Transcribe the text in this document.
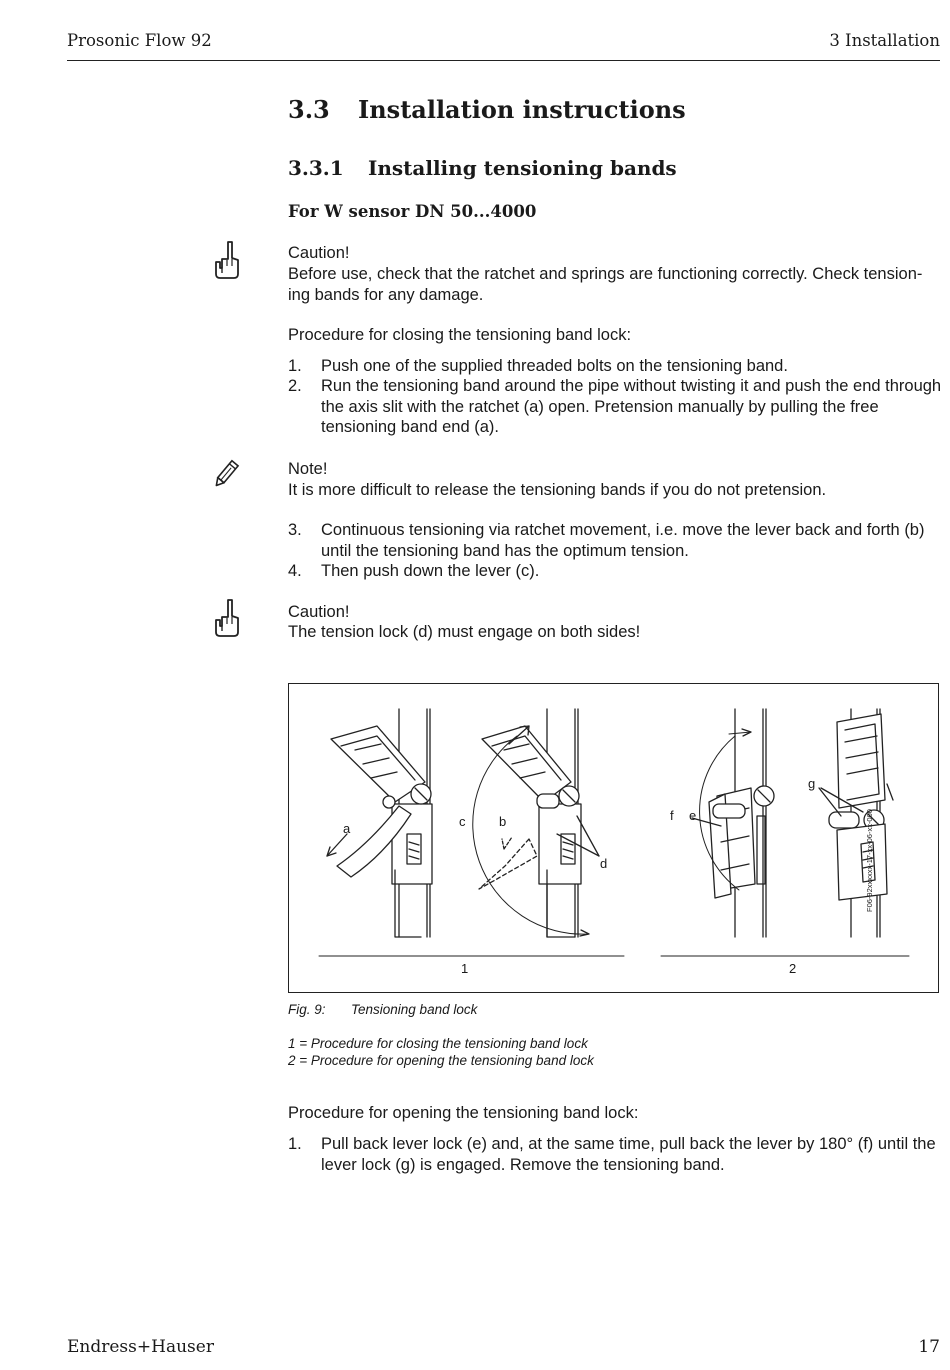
Prosonic Flow 92	3 Installation
3.3 Installation instructions
3.3.1 Installing tensioning bands
For W sensor DN 50...4000
Caution!
Before use, check that the ratchet and springs are functioning correctly. Check tension-ing bands for any damage.
Procedure for closing the tensioning band lock:
1. Push one of the supplied threaded bolts on the tensioning band.
2. Run the tensioning band around the pipe without twisting it and push the end through the axis slit with the ratchet (a) open. Pretension manually by pulling the free tensioning band end (a).
Note!
It is more difficult to release the tensioning bands if you do not pretension.
3. Continuous tensioning via ratchet movement, i.e. move the lever back and forth (b) until the tensioning band has the optimum tension.
4. Then push down the lever (c).
Caution!
The tension lock (d) must engage on both sides!
a	c	b
d
f e
g
1	2
F06-92xxxxxx-17-xx-06-xx-000
Fig. 9: Tensioning band lock
1 = Procedure for closing the tensioning band lock
2 = Procedure for opening the tensioning band lock
Procedure for opening the tensioning band lock:
1. Pull back lever lock (e) and, at the same time, pull back the lever by 180° (f) until the lever lock (g) is engaged. Remove the tensioning band.
Endress+Hauser	17
